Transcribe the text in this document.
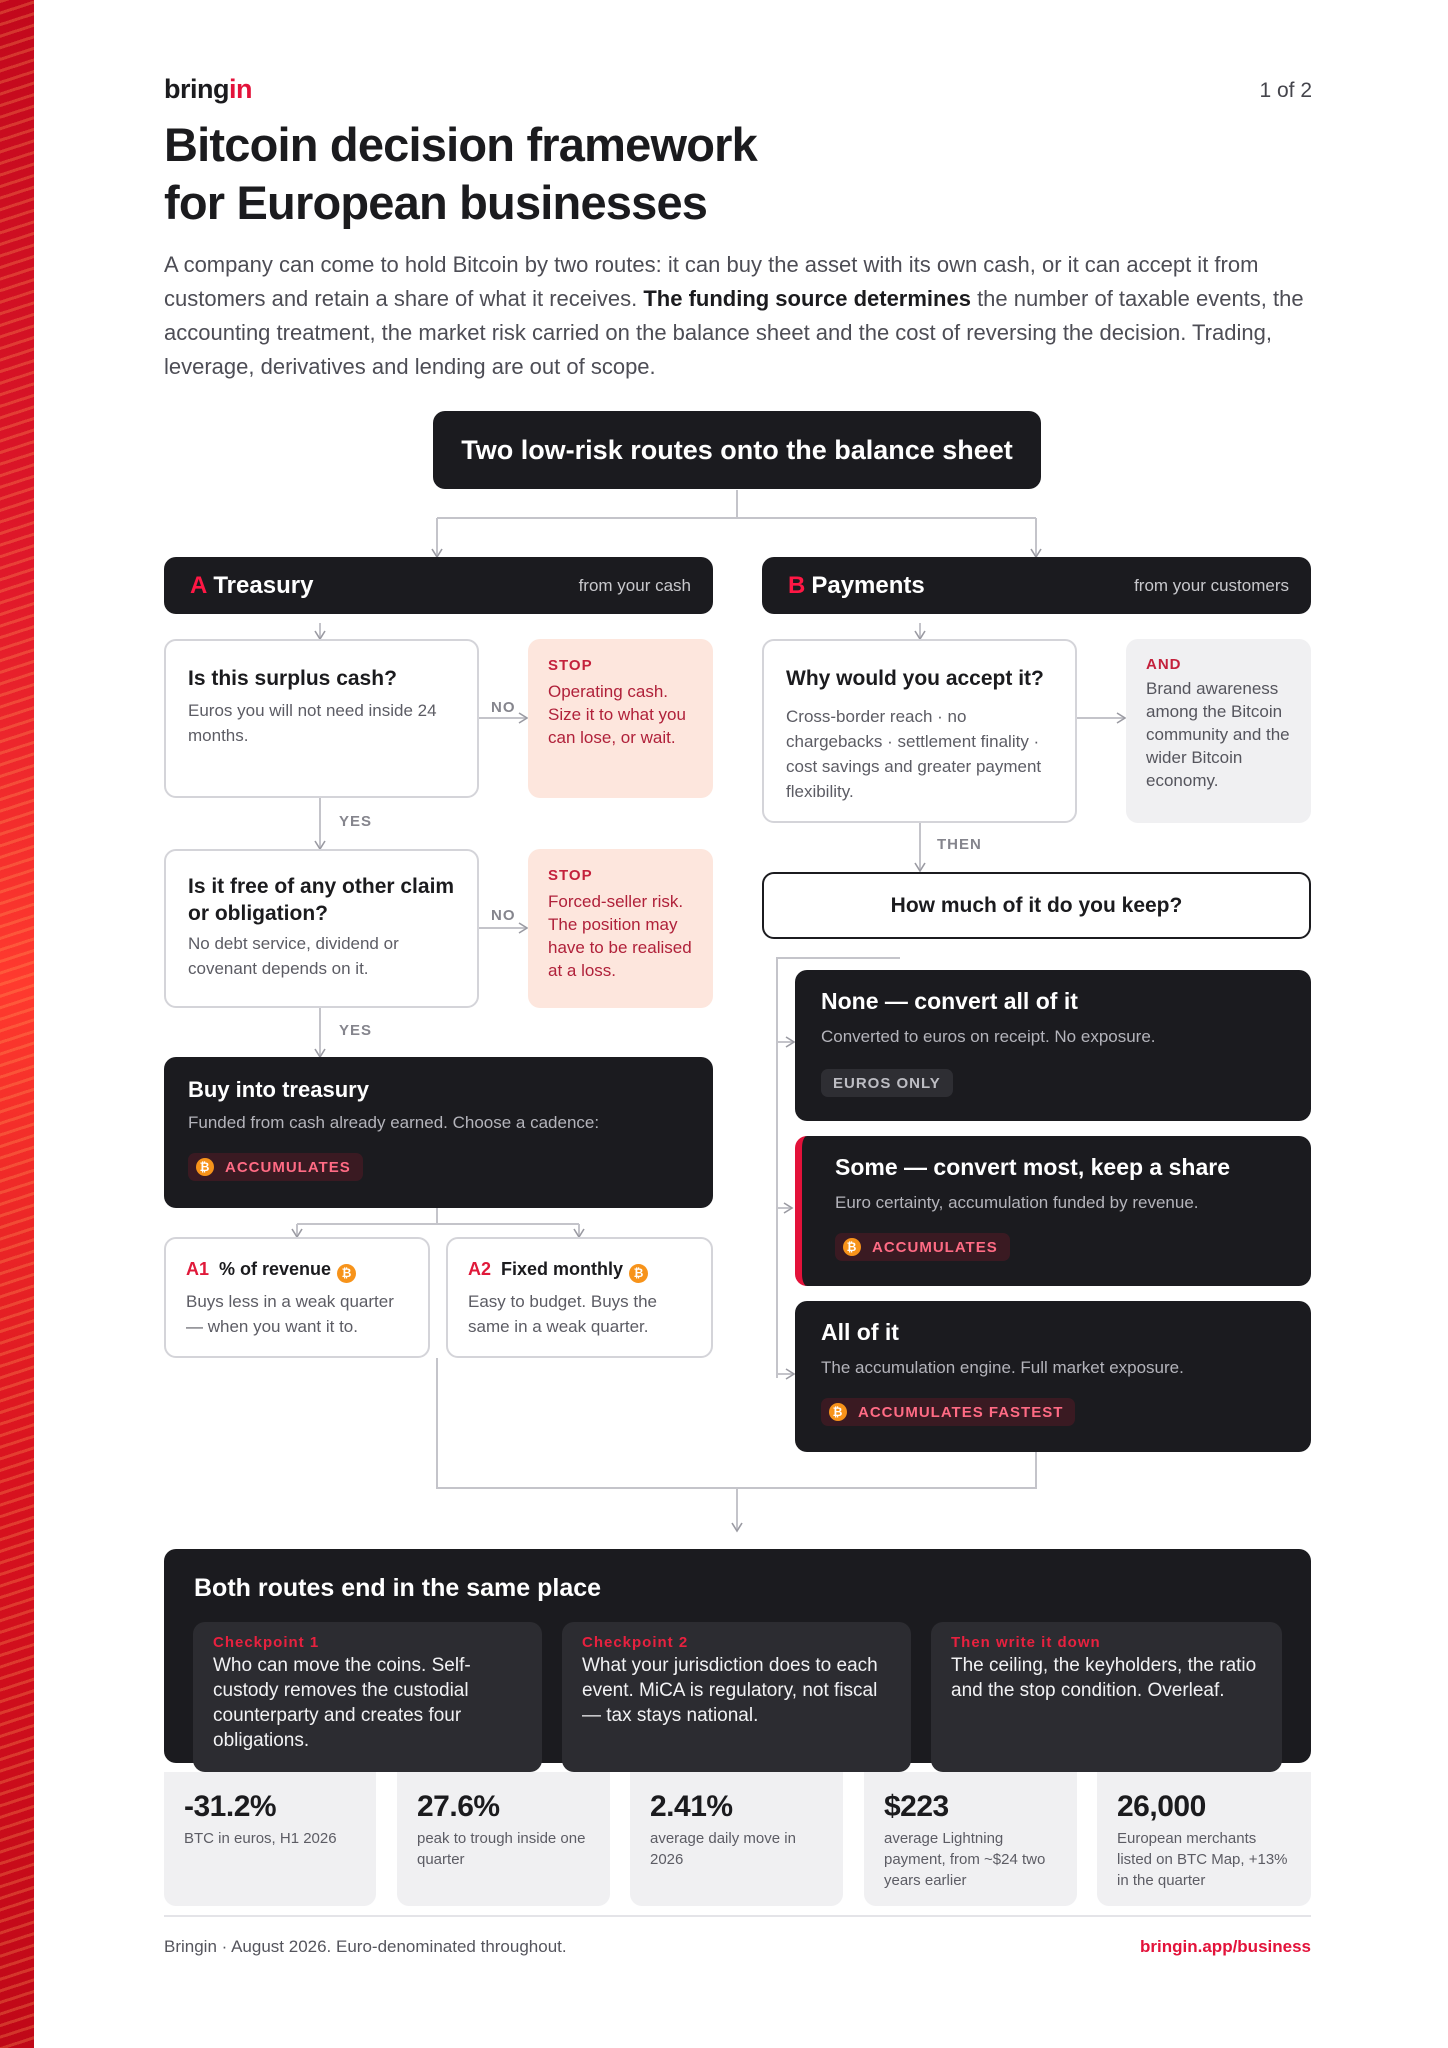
bringin	1 of 2
Bitcoin decision framework
for European businesses

A company can come to hold Bitcoin by two routes: it can buy the asset with its own cash, or it can accept it from customers and retain a share of what it receives. The funding source determines the number of taxable events, the accounting treatment, the market risk carried on the balance sheet and the cost of reversing the decision. Trading, leverage, derivatives and lending are out of scope.

Two low-risk routes onto the balance sheet
A Treasury	from your cash
Is this surplus cash?
Euros you will not need inside 24 months.
NO
STOP
Operating cash. Size it to what you can lose, or wait.
YES
Is it free of any other claim or obligation?
No debt service, dividend or covenant depends on it.
NO
STOP
Forced-seller risk. The position may have to be realised at a loss.
YES
Buy into treasury
Funded from cash already earned. Choose a cadence:
₿ ACCUMULATES
A1 % of revenue ₿
Buys less in a weak quarter — when you want it to.
A2 Fixed monthly ₿
Easy to budget. Buys the same in a weak quarter.
B Payments	from your customers
Why would you accept it?
Cross-border reach · no chargebacks · settlement finality · cost savings and greater payment flexibility.
AND
Brand awareness among the Bitcoin community and the wider Bitcoin economy.
THEN
How much of it do you keep?
None — convert all of it
Converted to euros on receipt. No exposure.
EUROS ONLY
Some — convert most, keep a share
Euro certainty, accumulation funded by revenue.
₿ ACCUMULATES
All of it
The accumulation engine. Full market exposure.
₿ ACCUMULATES FASTEST
Both routes end in the same place
Checkpoint 1
Who can move the coins. Self-custody removes the custodial counterparty and creates four obligations.
Checkpoint 2
What your jurisdiction does to each event. MiCA is regulatory, not fiscal — tax stays national.
Then write it down
The ceiling, the keyholders, the ratio and the stop condition. Overleaf.
-31.2%
BTC in euros, H1 2026
27.6%
peak to trough inside one quarter
2.41%
average daily move in 2026
$223
average Lightning payment, from ~$24 two years earlier
26,000
European merchants listed on BTC Map, +13% in the quarter
Bringin · August 2026. Euro-denominated throughout.	bringin.app/business
